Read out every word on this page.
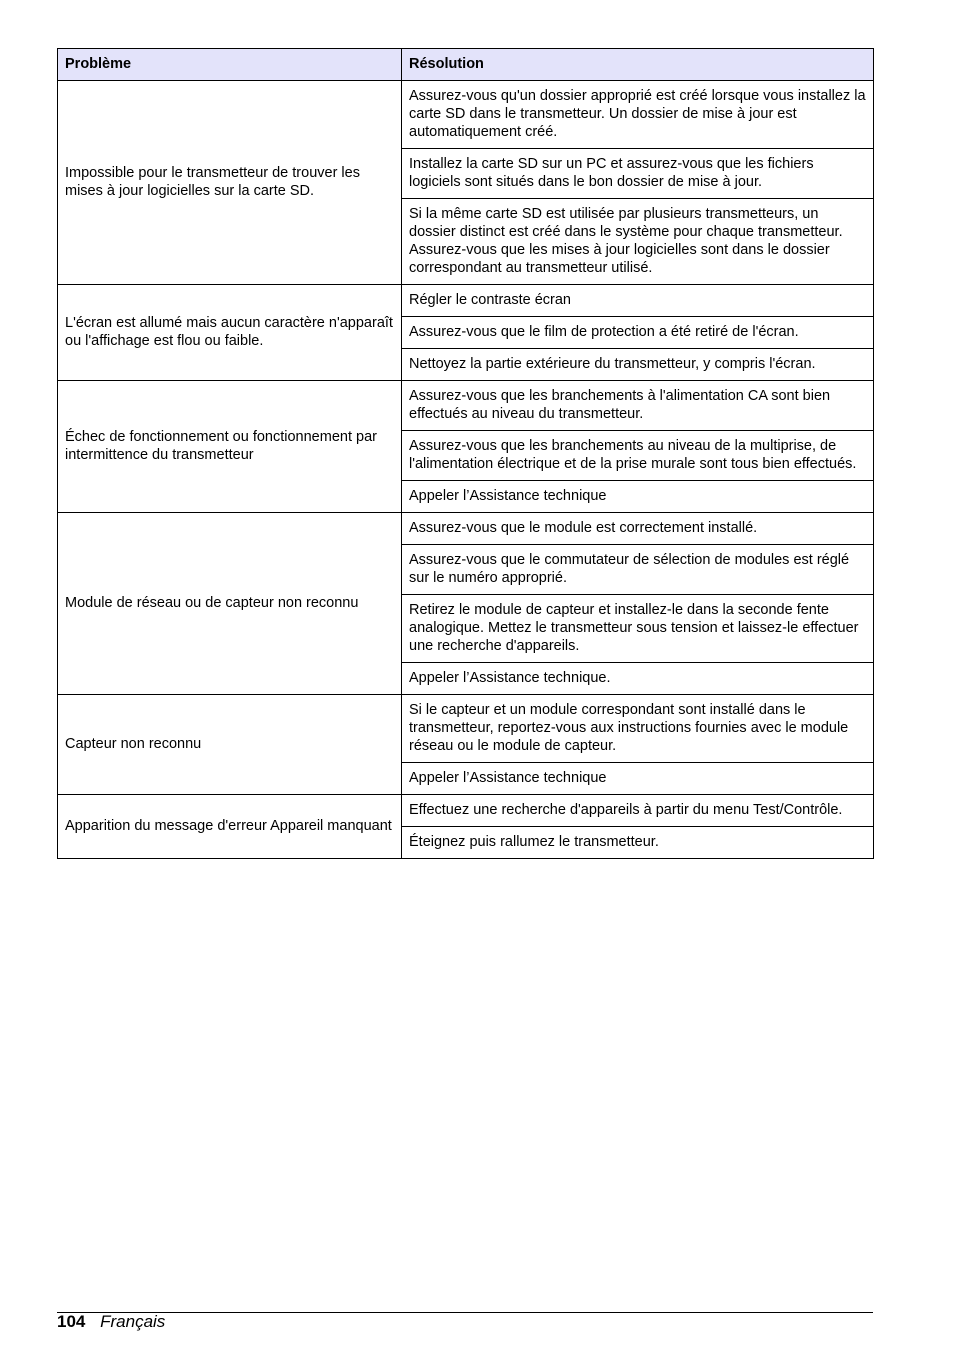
Problème	Résolution
Impossible pour le transmetteur de trouver les mises à jour logicielles sur la carte SD.	Assurez-vous qu'un dossier approprié est créé lorsque vous installez la carte SD dans le transmetteur. Un dossier de mise à jour est automatiquement créé.
	Installez la carte SD sur un PC et assurez-vous que les fichiers logiciels sont situés dans le bon dossier de mise à jour.
	Si la même carte SD est utilisée par plusieurs transmetteurs, un dossier distinct est créé dans le système pour chaque transmetteur. Assurez-vous que les mises à jour logicielles sont dans le dossier correspondant au transmetteur utilisé.
L'écran est allumé mais aucun caractère n'apparaît ou l'affichage est flou ou faible.	Régler le contraste écran
	Assurez-vous que le film de protection a été retiré de l'écran.
	Nettoyez la partie extérieure du transmetteur, y compris l'écran.
Échec de fonctionnement ou fonctionnement par intermittence du transmetteur	Assurez-vous que les branchements à l'alimentation CA sont bien effectués au niveau du transmetteur.
	Assurez-vous que les branchements au niveau de la multiprise, de l'alimentation électrique et de la prise murale sont tous bien effectués.
	Appeler l’Assistance technique
Module de réseau ou de capteur non reconnu	Assurez-vous que le module est correctement installé.
	Assurez-vous que le commutateur de sélection de modules est réglé sur le numéro approprié.
	Retirez le module de capteur et installez-le dans la seconde fente analogique. Mettez le transmetteur sous tension et laissez-le effectuer une recherche d'appareils.
	Appeler l’Assistance technique.
Capteur non reconnu	Si le capteur et un module correspondant sont installé dans le transmetteur, reportez-vous aux instructions fournies avec le module réseau ou le module de capteur.
	Appeler l’Assistance technique
Apparition du message d'erreur Appareil manquant	Effectuez une recherche d'appareils à partir du menu Test/Contrôle.
	Éteignez puis rallumez le transmetteur.
104 Français
